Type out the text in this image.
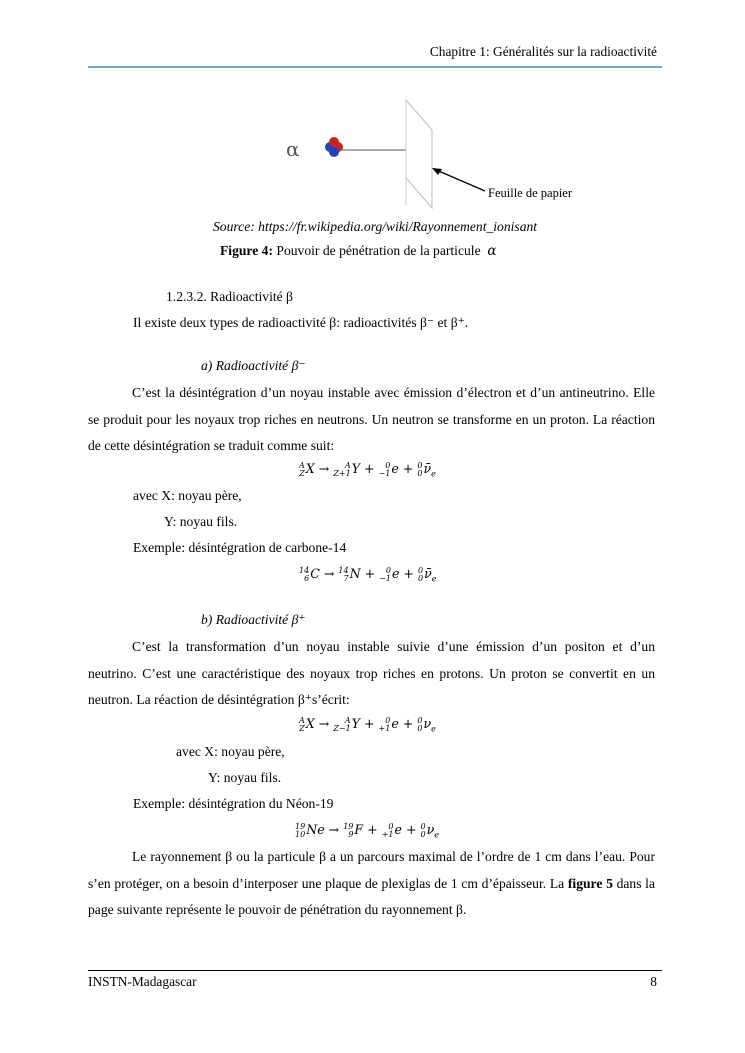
Chapitre 1: Généralités sur la radioactivité
α
Feuille de papier
Source: https://fr.wikipedia.org/wiki/Rayonnement_ionisant
Figure 4: Pouvoir de pénétration de la particule α
1.2.3.2. Radioactivité β
Il existe deux types de radioactivité β: radioactivités β⁻ et β⁺.
a) Radioactivité β⁻
C’est la désintégration d’un noyau instable avec émission d’électron et d’un antineutrino. Elle se produit pour les noyaux trop riches en neutrons. Un neutron se transforme en un proton. La réaction de cette désintégration se traduit comme suit:
A
Z X →	A
Z+1 Y + 0
−1 e + 0
0 $\nū_e$
avec X: noyau père,
Y: noyau fils.
Exemple: désintégration de carbone-14
14
6 C → 14
7 N + 0
−1 e + 0
0 $\nū_e$
b) Radioactivité β⁺
C’est la transformation d’un noyau instable suivie d’une émission d’un positon et d’un neutrino. C’est une caractéristique des noyaux trop riches en protons. Un proton se convertit en un neutron. La réaction de désintégration β⁺s’écrit:
A
Z X →	A
Z−1 Y + 0
+1 e + 0
0 $\nu_e$
avec X: noyau père,
Y: noyau fils.
Exemple: désintégration du Néon-19
19
10 Ne → 19
9 F + 0
+1 e + 0
0 $\nu_e$
Le rayonnement β ou la particule β a un parcours maximal de l’ordre de 1 cm dans l’eau. Pour s’en protéger, on a besoin d’interposer une plaque de plexiglas de 1 cm d’épaisseur. La figure 5 dans la page suivante représente le pouvoir de pénétration du rayonnement β.
INSTN-Madagascar	8
